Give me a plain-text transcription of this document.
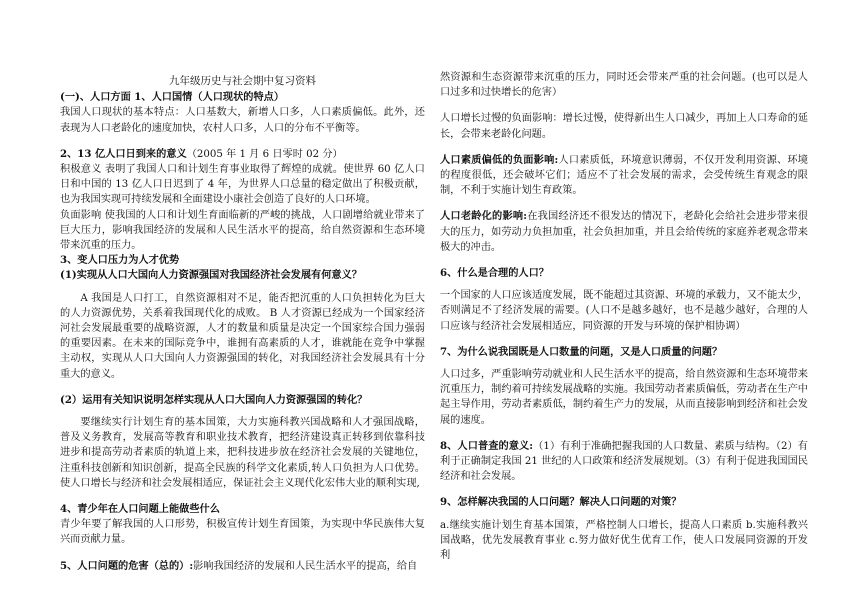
九年级历史与社会期中复习资料

(一)、人口方面 1、人口国情（人口现状的特点）

我国人口现状的基本特点：人口基数大，新增人口多，人口素质偏低。此外，还表现为人口老龄化的速度加快，农村人口多，人口的分布不平衡等。

2、13 亿人口日到来的意义（2005 年 1 月 6 日零时 02 分）

积极意义 表明了我国人口和计划生育事业取得了辉煌的成就。使世界 60 亿人口日和中国的 13 亿人口日迟到了 4 年，为世界人口总量的稳定做出了积极贡献，也为我国实现可持续发展和全面建设小康社会创造了良好的人口环境。

负面影响 使我国的人口和计划生育面临新的严峻的挑战，人口剧增给就业带来了巨大压力，影响我国经济的发展和人民生活水平的提高，给自然资源和生态环境带来沉重的压力。

3、变人口压力为人才优势

(1)实现从人口大国向人力资源强国对我国经济社会发展有何意义？

A 我国是人口打工，自然资源相对不足，能否把沉重的人口负担转化为巨大的人力资源优势，关系着我国现代化的成败。 B 人才资源已经成为一个国家经济河社会发展最重要的战略资源，人才的数量和质量是决定一个国家综合国力强弱的重要因素。在未来的国际竞争中，谁拥有高素质的人才，谁就能在竞争中掌握主动权，实现从人口大国向人力资源强国的转化，对我国经济社会发展具有十分重大的意义。

(2）运用有关知识说明怎样实现从人口大国向人力资源强国的转化？

要继续实行计划生育的基本国策，大力实施科教兴国战略和人才强国战略，普及义务教育，发展高等教育和职业技术教育，把经济建设真正转移到依靠科技进步和提高劳动者素质的轨道上来，把科技进步放在经济社会发展的关键地位，注重科技创新和知识创新，提高全民族的科学文化素质,转人口负担为人口优势。使人口增长与经济和社会发展相适应，保证社会主义现代化宏伟大业的顺利实现,

4、青少年在人口问题上能做些什么

青少年要了解我国的人口形势，积极宣传计划生育国策，为实现中华民族伟大复兴而贡献力量。

5、人口问题的危害（总的）:影响我国经济的发展和人民生活水平的提高，给自

然资源和生态资源带来沉重的压力，同时还会带来严重的社会问题。(也可以是人口过多和过快增长的危害）

人口增长过慢的负面影响：增长过慢，使得新出生人口减少，再加上人口寿命的延长，会带来老龄化问题。

人口素质偏低的负面影响:人口素质低，环境意识薄弱，不仅开发利用资源、环境的程度很低，还会破坏它们；适应不了社会发展的需求，会受传统生育观念的限制，不利于实施计划生育政策。

人口老龄化的影响:在我国经济还不很发达的情况下，老龄化会给社会进步带来很大的压力，如劳动力负担加重，社会负担加重，并且会给传统的家庭养老观念带来极大的冲击。

6、什么是合理的人口？

一个国家的人口应该适度发展，既不能超过其资源、环境的承载力，又不能太少，否则满足不了经济发展的需要。(人口不是越多越好，也不是越少越好，合理的人口应该与经济社会发展相适应，同资源的开发与环境的保护相协调）

7、为什么说我国既是人口数量的问题，又是人口质量的问题？

人口过多，严重影响劳动就业和人民生活水平的提高，给自然资源和生态环境带来沉重压力，制约着可持续发展战略的实施。我国劳动者素质偏低，劳动者在生产中起主导作用，劳动者素质低，制约着生产力的发展，从而直接影响到经济和社会发展的速度。

8、人口普查的意义:（1）有利于准确把握我国的人口数量、素质与结构。（2）有利于正确制定我国 21 世纪的人口政策和经济发展规划。（3）有利于促进我国国民经济和社会发展。

9、怎样解决我国的人口问题？解决人口问题的对策？

a.继续实施计划生育基本国策，严格控制人口增长，提高人口素质 b.实施科教兴国战略，优先发展教育事业 c.努力做好优生优育工作，使人口发展同资源的开发利
